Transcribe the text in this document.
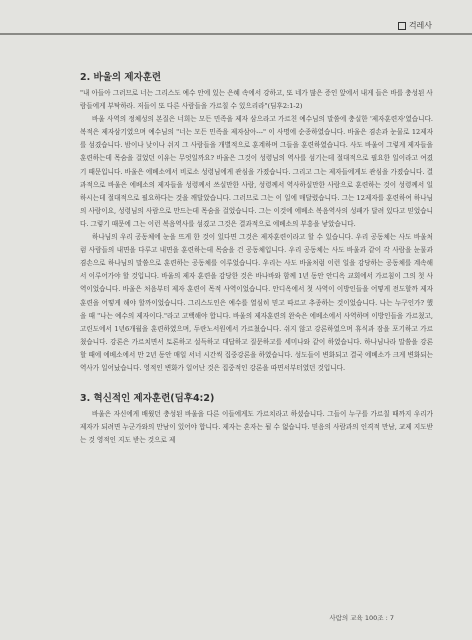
걱레사
2. 바울의 제자훈련

"내 아들아 그러므로 너는 그리스도 예수 안에 있는 은혜 속에서 강하고, 또 네가 많은 증인 앞에서 내게 들은 바를 충성된 사람들에게 부탁하라. 저들이 또 다른 사람들을 가르칠 수 있으리라"(딤후2:1-2)

바울 사역의 정체성의 본질은 너희는 모든 민족을 제자 삼으라고 가르친 예수님의 말씀에 충실한 '제자훈련자'였습니다. 복적은 제자삼기였으며 예수님의 "너는 모든 민족을 제자삼아---" 이 사명에 순종하였습니다. 바울은 겸손과 눈물로 12제자를 섬겼습니다. 밤이나 낮이나 쉬지 그 사람들을 개별적으로 훈계하며 그들을 훈련하였습니다. 사도 바울이 그렇게 제자들을 훈련하는데 목숨을 걸었던 이유는 무엇일까요? 바울은 그것이 성령님의 역사를 섬기는데 절대적으로 필요한 일이라고 여겼기 때문입니다. 바울은 에베소에서 비로소 성령님에게 관심을 가졌습니다. 그리고 그는 제자들에게도 관심을 가졌습니다. 결과적으로 바울은 에베소의 제자들을 성령께서 쓰실만한 사람, 성령께서 역사하실만한 사람으로 훈련하는 것이 성령께서 일하시는데 절대적으로 필요하다는 것을 깨달았습니다. 그러므로 그는 이 일에 매달렸습니다. 그는 12제자를 훈련하여 하나님의 사람이요, 성령님의 사람으로 만드는데 목숨을 걸었습니다. 그는 이것에 에베소 복음역사의 성패가 달려 있다고 믿었습니다. 그렇기 때문에 그는 이런 복음역사를 섬겼고 그것은 결과적으로 에베소의 부흥을 낳았습니다.

하나님의 우리 공동체에 눈을 뜨게 한 것이 있다면 그것은 제자훈련이라고 할 수 있습니다. 우리 공동체는 사도 바울처럼 사람들의 내면을 다루고 내면을 훈련하는데 목숨을 건 공동체입니다. 우리 공동체는 사도 바울과 같이 각 사람을 눈물과 겸손으로 하나님의 말씀으로 훈련하는 공동체를 이루었습니다. 우리는 사도 바울처럼 이런 일을 감당하는 공동체를 계속해서 이루어가야 할 것입니다. 바울의 제자 훈련을 감당한 것은 바나바와 함께 1년 동안 안디옥 교회에서 가르침이 그의 첫 사역이었습니다. 바울은 처음부터 제자 훈련이 목적 사역이었습니다. 안디옥에서 첫 사역이 이방인들을 어떻게 전도할까 제자훈련을 어떻게 해야 할까이었습니다. 그리스도인은 예수를 열심히 믿고 따르고 추종하는 것이었습니다. 나는 누구인가? 했을 때 "나는 예수의 제자이다."라고 고백해야 합니다. 바울의 제자훈련의 완숙은 에베소에서 사역하며 이방인들을 가르쳤고, 고린도에서 1년6개월을 훈련하였으며, 두란노서원에서 가르쳤습니다. 쉬지 않고 강론하였으며 휴식과 잠을 포기하고 가르쳤습니다. 강론은 가르치면서 토론하고 설득하고 대답하고 질문하고를 세미나와 같이 하였습니다. 하나님나라 말씀을 강론할 때에 에베소에서 만 2년 동안 매일 서너 시간씩 집중강론을 하였습니다. 성도들이 변화되고 결국 에베소가 크게 변화되는 역사가 일어났습니다. 영적인 변화가 일어난 것은 집중적인 강론을 따면서부터였던 것입니다.

3. 혁신적인 제자훈련(딤후4:2)

바울은 자신에게 배웠던 충성된 바울을 다른 이들에게도 가르치라고 하셨습니다. 그들이 누구를 가르칠 때까지 우리가 제자가 되려면 누군가와의 만남이 있어야 합니다. 제자는 혼자는 될 수 없습니다. 믿음의 사람과의 인격적 만남, 교제 지도받는 것 영적인 지도 받는 것으로 제

사람의 교육 100조 : 7
